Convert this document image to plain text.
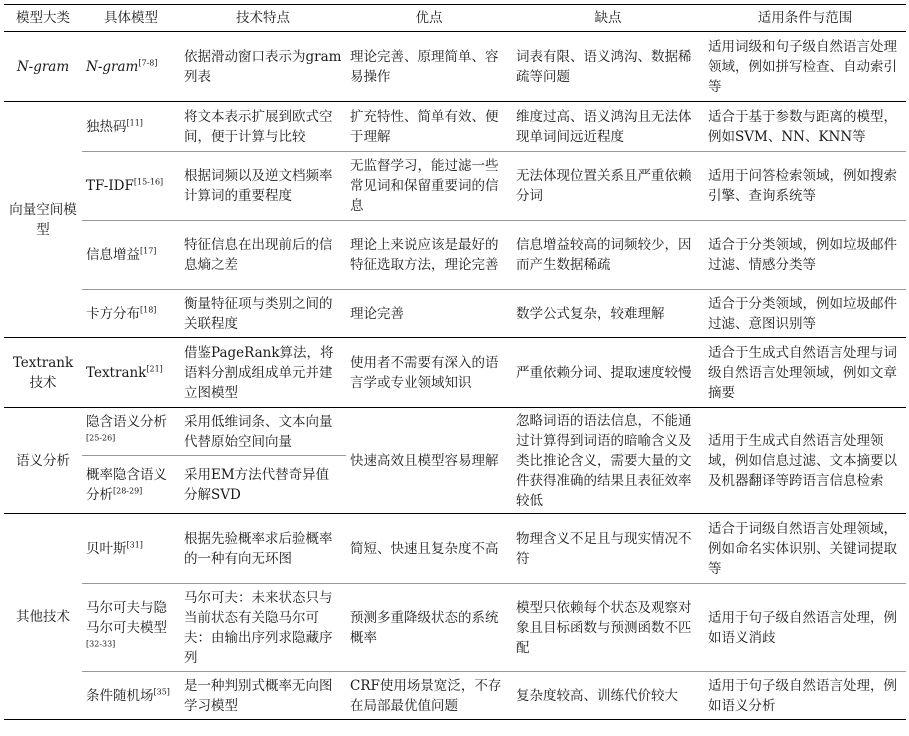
模型大类	具体模型	技术特点	优点	缺点	适用条件与范围
N-gram	N-gram[7-8]	依据滑动窗口表示为gram列表	理论完善、原理简单、容易操作	词表有限、语义鸿沟、数据稀疏等问题	适用词级和句子级自然语言处理领域，例如拼写检查、自动索引等
向量空间模型	独热码[11]	将文本表示扩展到欧式空间，便于计算与比较	扩充特性、简单有效、便于理解	维度过高、语义鸿沟且无法体现单词间远近程度	适合于基于参数与距离的模型，例如SVM、NN、KNN等
	TF-IDF[15-16]	根据词频以及逆文档频率计算词的重要程度	无监督学习，能过滤一些常见词和保留重要词的信息	无法体现位置关系且严重依赖分词	适用于问答检索领域，例如搜索引擎、查询系统等
	信息增益[17]	特征信息在出现前后的信息熵之差	理论上来说应该是最好的特征选取方法，理论完善	信息增益较高的词频较少，因而产生数据稀疏	适合于分类领域，例如垃圾邮件过滤、情感分类等
	卡方分布[18]	衡量特征项与类别之间的关联程度	理论完善	数学公式复杂，较难理解	适合于分类领域，例如垃圾邮件过滤、意图识别等
Textrank技术	Textrank[21]	借鉴PageRank算法，将语料分割成组成单元并建立图模型	使用者不需要有深入的语言学或专业领域知识	严重依赖分词、提取速度较慢	适合于生成式自然语言处理与词级自然语言处理领域，例如文章摘要
语义分析	隐含语义分析[25-26]	采用低维词条、文本向量代替原始空间向量	快速高效且模型容易理解	忽略词语的语法信息，不能通过计算得到词语的暗喻含义及类比推论含义，需要大量的文件获得准确的结果且表征效率较低	适用于生成式自然语言处理领域，例如信息过滤、文本摘要以及机器翻译等跨语言信息检索
	概率隐含语义分析[28-29]	采用EM方法代替奇异值分解SVD			
其他技术	贝叶斯[31]	根据先验概率求后验概率的一种有向无环图	简短、快速且复杂度不高	物理含义不足且与现实情况不符	适合于词级自然语言处理领域，例如命名实体识别、关键词提取等
	马尔可夫与隐马尔可夫模型[32-33]	马尔可夫：未来状态只与当前状态有关隐马尔可夫：由输出序列求隐藏序列	预测多重降级状态的系统概率	模型只依赖每个状态及观察对象且目标函数与预测函数不匹配	适用于句子级自然语言处理，例如语义消歧
	条件随机场[35]	是一种判别式概率无向图学习模型	CRF使用场景宽泛，不存在局部最优值问题	复杂度较高、训练代价较大	适用于句子级自然语言处理，例如语义分析
